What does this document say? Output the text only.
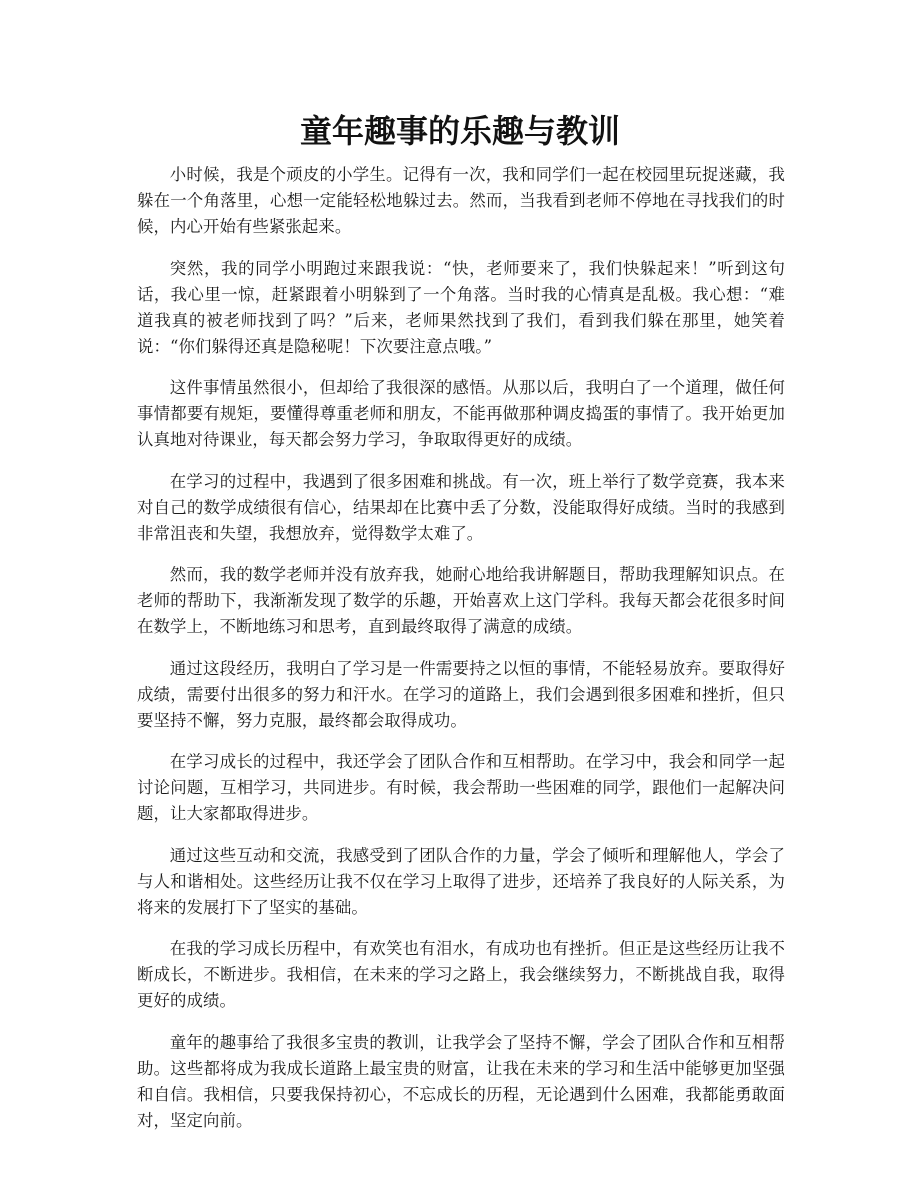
童年趣事的乐趣与教训

小时候，我是个顽皮的小学生。记得有一次，我和同学们一起在校园里玩捉迷藏，我躲在一个角落里，心想一定能轻松地躲过去。然而，当我看到老师不停地在寻找我们的时候，内心开始有些紧张起来。

突然，我的同学小明跑过来跟我说：“快，老师要来了，我们快躲起来！”听到这句话，我心里一惊，赶紧跟着小明躲到了一个角落。当时我的心情真是乱极。我心想：“难道我真的被老师找到了吗？”后来，老师果然找到了我们，看到我们躲在那里，她笑着说：“你们躲得还真是隐秘呢！下次要注意点哦。”

这件事情虽然很小，但却给了我很深的感悟。从那以后，我明白了一个道理，做任何事情都要有规矩，要懂得尊重老师和朋友，不能再做那种调皮捣蛋的事情了。我开始更加认真地对待课业，每天都会努力学习，争取取得更好的成绩。

在学习的过程中，我遇到了很多困难和挑战。有一次，班上举行了数学竞赛，我本来对自己的数学成绩很有信心，结果却在比赛中丢了分数，没能取得好成绩。当时的我感到非常沮丧和失望，我想放弃，觉得数学太难了。

然而，我的数学老师并没有放弃我，她耐心地给我讲解题目，帮助我理解知识点。在老师的帮助下，我渐渐发现了数学的乐趣，开始喜欢上这门学科。我每天都会花很多时间在数学上，不断地练习和思考，直到最终取得了满意的成绩。

通过这段经历，我明白了学习是一件需要持之以恒的事情，不能轻易放弃。要取得好成绩，需要付出很多的努力和汗水。在学习的道路上，我们会遇到很多困难和挫折，但只要坚持不懈，努力克服，最终都会取得成功。

在学习成长的过程中，我还学会了团队合作和互相帮助。在学习中，我会和同学一起讨论问题，互相学习，共同进步。有时候，我会帮助一些困难的同学，跟他们一起解决问题，让大家都取得进步。

通过这些互动和交流，我感受到了团队合作的力量，学会了倾听和理解他人，学会了与人和谐相处。这些经历让我不仅在学习上取得了进步，还培养了我良好的人际关系，为将来的发展打下了坚实的基础。

在我的学习成长历程中，有欢笑也有泪水，有成功也有挫折。但正是这些经历让我不断成长，不断进步。我相信，在未来的学习之路上，我会继续努力，不断挑战自我，取得更好的成绩。

童年的趣事给了我很多宝贵的教训，让我学会了坚持不懈，学会了团队合作和互相帮助。这些都将成为我成长道路上最宝贵的财富，让我在未来的学习和生活中能够更加坚强和自信。我相信，只要我保持初心，不忘成长的历程，无论遇到什么困难，我都能勇敢面对，坚定向前。
